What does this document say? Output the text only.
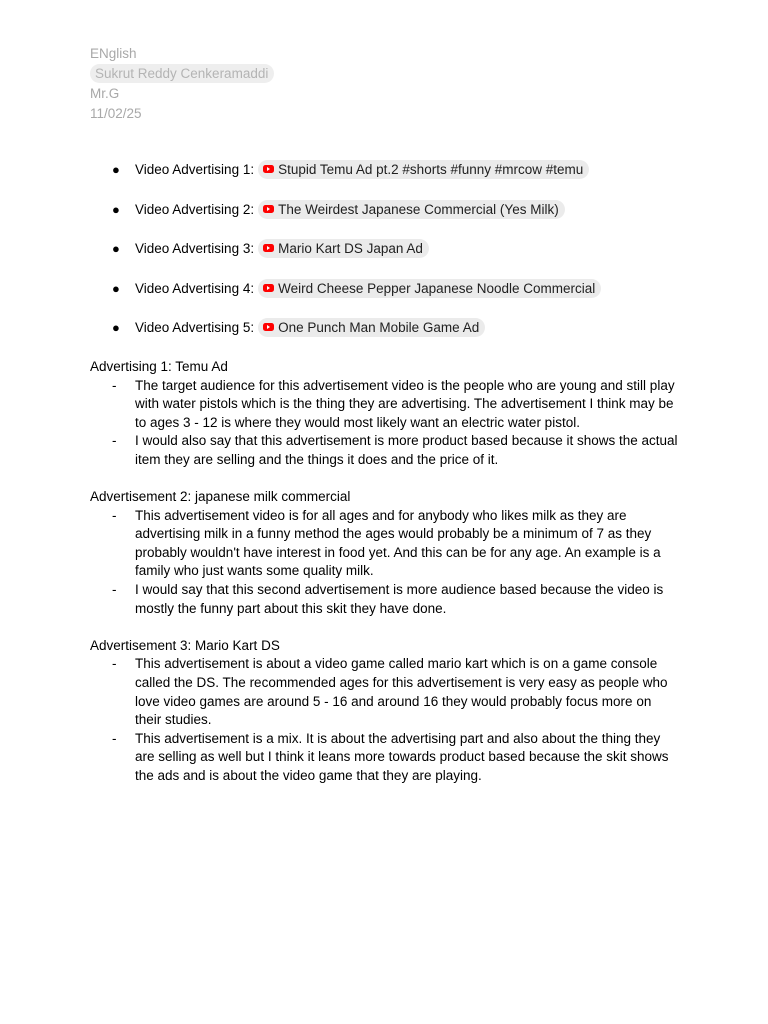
ENglish
Sukrut Reddy Cenkeramaddi
Mr.G
11/02/25
● Video Advertising 1: Stupid Temu Ad pt.2 #shorts #funny #mrcow #temu
● Video Advertising 2: The Weirdest Japanese Commercial (Yes Milk)
● Video Advertising 3: Mario Kart DS Japan Ad
● Video Advertising 4: Weird Cheese Pepper Japanese Noodle Commercial
● Video Advertising 5: One Punch Man Mobile Game Ad
Advertising 1: Temu Ad
- The target audience for this advertisement video is the people who are young and still play with water pistols which is the thing they are advertising. The advertisement I think may be to ages 3 - 12 is where they would most likely want an electric water pistol.
- I would also say that this advertisement is more product based because it shows the actual item they are selling and the things it does and the price of it.
Advertisement 2: japanese milk commercial
- This advertisement video is for all ages and for anybody who likes milk as they are advertising milk in a funny method the ages would probably be a minimum of 7 as they probably wouldn't have interest in food yet. And this can be for any age. An example is a family who just wants some quality milk.
- I would say that this second advertisement is more audience based because the video is mostly the funny part about this skit they have done.
Advertisement 3: Mario Kart DS
- This advertisement is about a video game called mario kart which is on a game console called the DS. The recommended ages for this advertisement is very easy as people who love video games are around 5 - 16 and around 16 they would probably focus more on their studies.
- This advertisement is a mix. It is about the advertising part and also about the thing they are selling as well but I think it leans more towards product based because the skit shows the ads and is about the video game that they are playing.
